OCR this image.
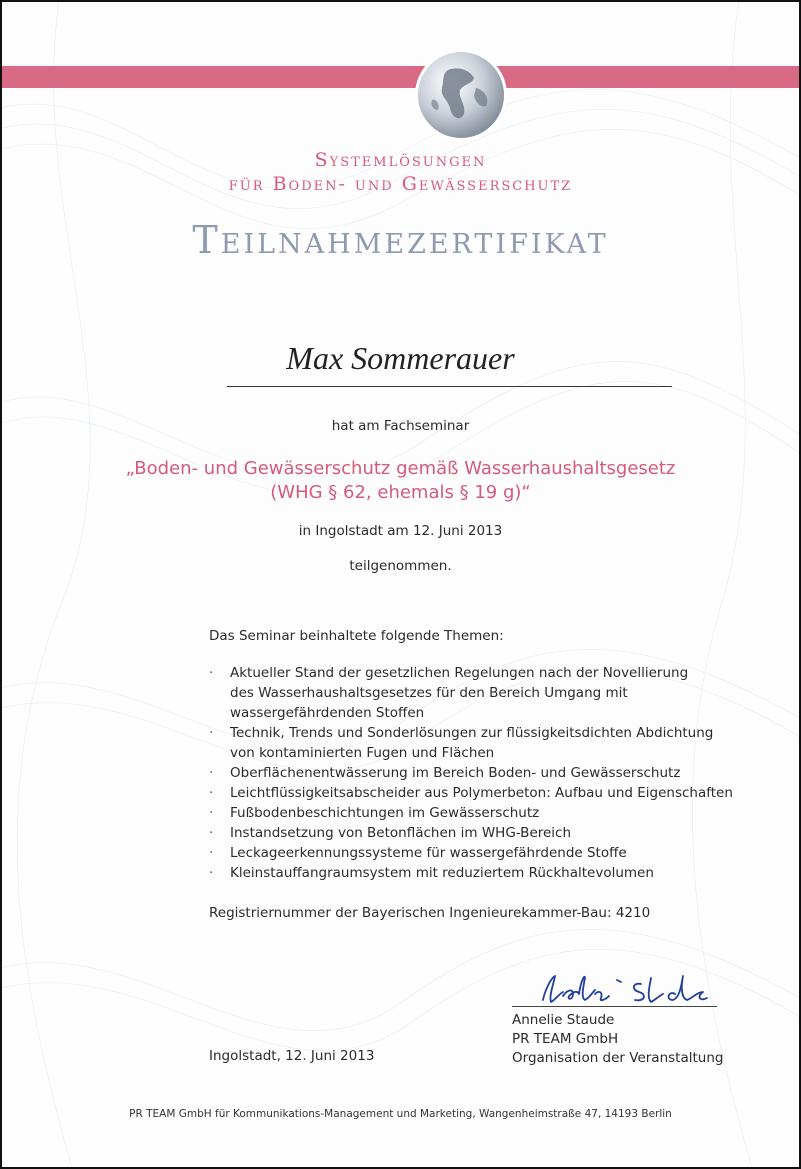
Systemlösungen
für Boden- und Gewässerschutz
Teilnahmezertifikat
Max Sommerauer
hat am Fachseminar
„Boden- und Gewässerschutz gemäß Wasserhaushaltsgesetz
(WHG § 62, ehemals § 19 g)“
in Ingolstadt am 12. Juni 2013
teilgenommen.
Das Seminar beinhaltete folgende Themen:
· Aktueller Stand der gesetzlichen Regelungen nach der Novellierung
des Wasserhaushaltsgesetzes für den Bereich Umgang mit
wassergefährdenden Stoffen
· Technik, Trends und Sonderlösungen zur flüssigkeitsdichten Abdichtung
von kontaminierten Fugen und Flächen
· Oberflächenentwässerung im Bereich Boden- und Gewässerschutz
· Leichtflüssigkeitsabscheider aus Polymerbeton: Aufbau und Eigenschaften
· Fußbodenbeschichtungen im Gewässerschutz
· Instandsetzung von Betonflächen im WHG-Bereich
· Leckageerkennungssysteme für wassergefährdende Stoffe
· Kleinstauffangraumsystem mit reduziertem Rückhaltevolumen
Registriernummer der Bayerischen Ingenieurekammer-Bau: 4210
Annelie Staude
PR TEAM GmbH
Organisation der Veranstaltung
Ingolstadt, 12. Juni 2013
PR TEAM GmbH für Kommunikations-Management und Marketing, Wangenheimstraße 47, 14193 Berlin
